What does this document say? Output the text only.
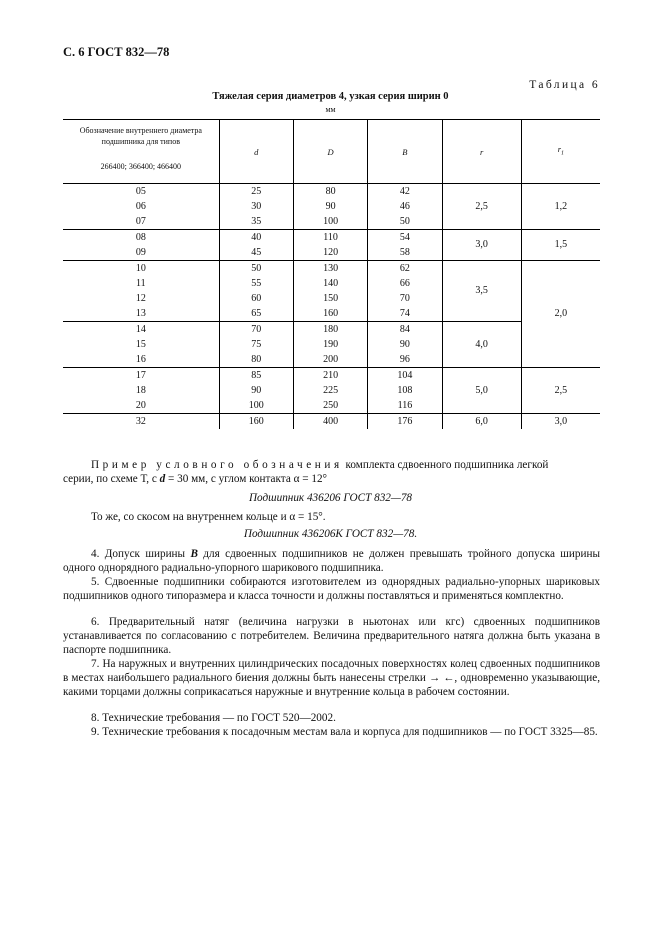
С. 6 ГОСТ 832—78
Таблица 6
Тяжелая серия диаметров 4, узкая серия ширин 0
мм
Обозначение внутреннего диаметра подшипника для типов
266400; 366400; 466400	d	D	B	r	$r_1$
05	25	80	42	2,5	1,2
06	30	90	46		
07	35	100	50		
08	40	110	54	3,0	1,5
09	45	120	58		
10	50	130	62	3,5	2,0
11	55	140	66		
12	60	150	70		
13	65	160	74		
14	70	180	84	4,0	
15	75	190	90		
16	80	200	96		
17	85	210	104	5,0	2,5
18	90	225	108		
20	100	250	116		
32	160	400	176	6,0	3,0

Пример условного обозначения комплекта сдвоенного подшипника легкой
серии, по схеме Т, с d = 30 мм, с углом контакта α = 12°

Подшипник 436206 ГОСТ 832—78

То же, со скосом на внутреннем кольце и α = 15°.

Подшипник 436206К ГОСТ 832—78.

4. Допуск ширины B для сдвоенных подшипников не должен превышать тройного допуска ширины одного однорядного радиально-упорного шарикового подшипника.

5. Сдвоенные подшипники собираются изготовителем из однорядных радиально-упорных шариковых подшипников одного типоразмера и класса точности и должны поставляться и применяться комплектно.

6. Предварительный натяг (величина нагрузки в ньютонах или кгс) сдвоенных подшипников устанавливается по согласованию с потребителем. Величина предварительного натяга должна быть указана в паспорте подшипника.

7. На наружных и внутренних цилиндрических посадочных поверхностях колец сдвоенных подшипников в местах наибольшего радиального биения должны быть нанесены стрелки → ←, одновременно указывающие, какими торцами должны соприкасаться наружные и внутренние кольца в рабочем состоянии.

8. Технические требования — по ГОСТ 520—2002.

9. Технические требования к посадочным местам вала и корпуса для подшипников — по ГОСТ 3325—85.
